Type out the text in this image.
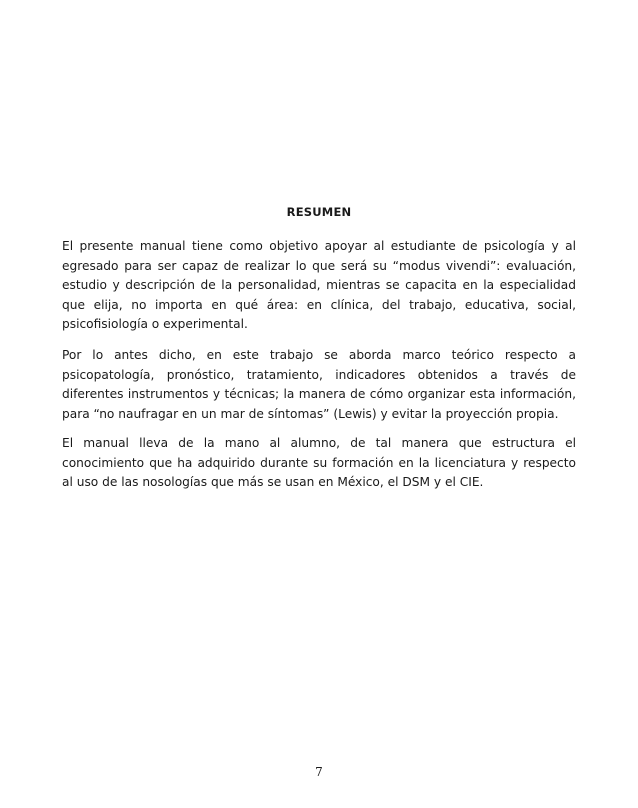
RESUMEN

El presente manual tiene como objetivo apoyar al estudiante de psicología y al egresado para ser capaz de realizar lo que será su “modus vivendi”: evaluación, estudio y descripción de la personalidad, mientras se capacita en la especialidad que elija, no importa en qué área: en clínica, del trabajo, educativa, social, psicofisiología o experimental.

Por lo antes dicho, en este trabajo se aborda marco teórico respecto a psicopatología, pronóstico, tratamiento, indicadores obtenidos a través de diferentes instrumentos y técnicas; la manera de cómo organizar esta información, para “no naufragar en un mar de síntomas” (Lewis) y evitar la proyección propia.

El manual lleva de la mano al alumno, de tal manera que estructura el conocimiento que ha adquirido durante su formación en la licenciatura y respecto al uso de las nosologías que más se usan en México, el DSM y el CIE.

7
